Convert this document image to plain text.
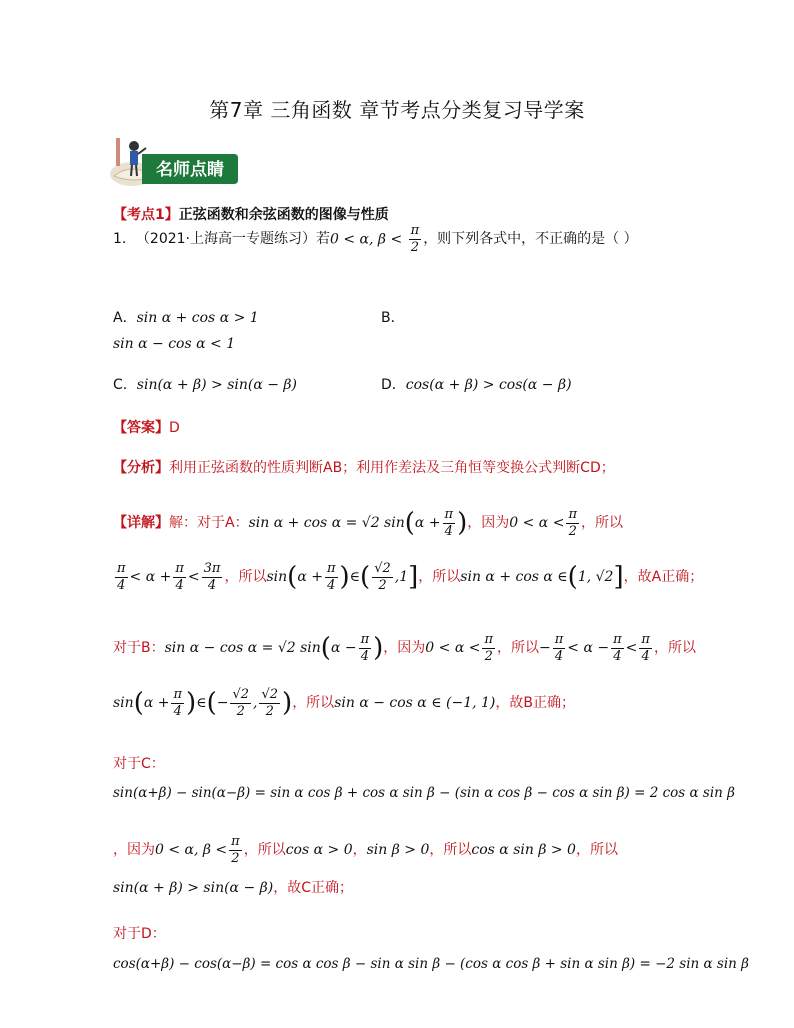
第7章 三角函数 章节考点分类复习导学案
名师点睛
【考点1】正弦函数和余弦函数的图像与性质
1． （2021·上海高一专题练习） 若 0 < α, $\beta < \frac{\pi}{2}$ ，则下列各式中，不正确的是（ ）
A．sin α + cos α > 1	B．
sin α − cos α < 1
C．sin(α + β) > sin(α − β)	D．cos(α + β) > cos(α − β)
【答案】D
【分析】利用正弦函数的性质判断AB；利用作差法及三角恒等变换公式判断CD；
【详解】 解：对于A： sin α + cos α = √2 sin ( $\alpha + \frac{\pi}{4}$ ) ，因为 $0 < \alpha < \frac{\pi}{2}$ ，所以
$\frac{\pi}{4} < \alpha + \frac{\pi}{4} < \frac{3\pi}{4}$ ，所以 sin ( $\alpha + \frac{\pi}{4}$ ) ∈ ( $\frac{√2}{2} ,1$ ] ，所以 sin α + cos α ∈ ( 1, √2 ] ，故A正确；
对于B： sin α − cos α = √2 sin ( $\alpha - \frac{\pi}{4}$ ) ，因为 $0 < \alpha < \frac{\pi}{2}$ ，所以 − $\frac{\pi}{4} < \alpha - \frac{\pi}{4} < \frac{\pi}{4}$ ，所以
sin ( $\alpha + \frac{\pi}{4}$ ) ∈ ( − $\frac{√2}{2}$ , $\frac{√2}{2}$ ) ，所以 sin α − cos α ∈ (−1, 1) ，故B正确；
对于C：
sin(α+β) − sin(α−β) = sin α cos β + cos α sin β − (sin α cos β − cos α sin β) = 2 cos α sin β
，因为 0 < α, $\beta < \frac{\pi}{2}$ ，所以 cos α > 0 ， sin β > 0 ，所以 cos α sin β > 0 ，所以
sin(α + β) > sin(α − β)，故C正确；
对于D：
cos(α+β) − cos(α−β) = cos α cos β − sin α sin β − (cos α cos β + sin α sin β) = −2 sin α sin β
